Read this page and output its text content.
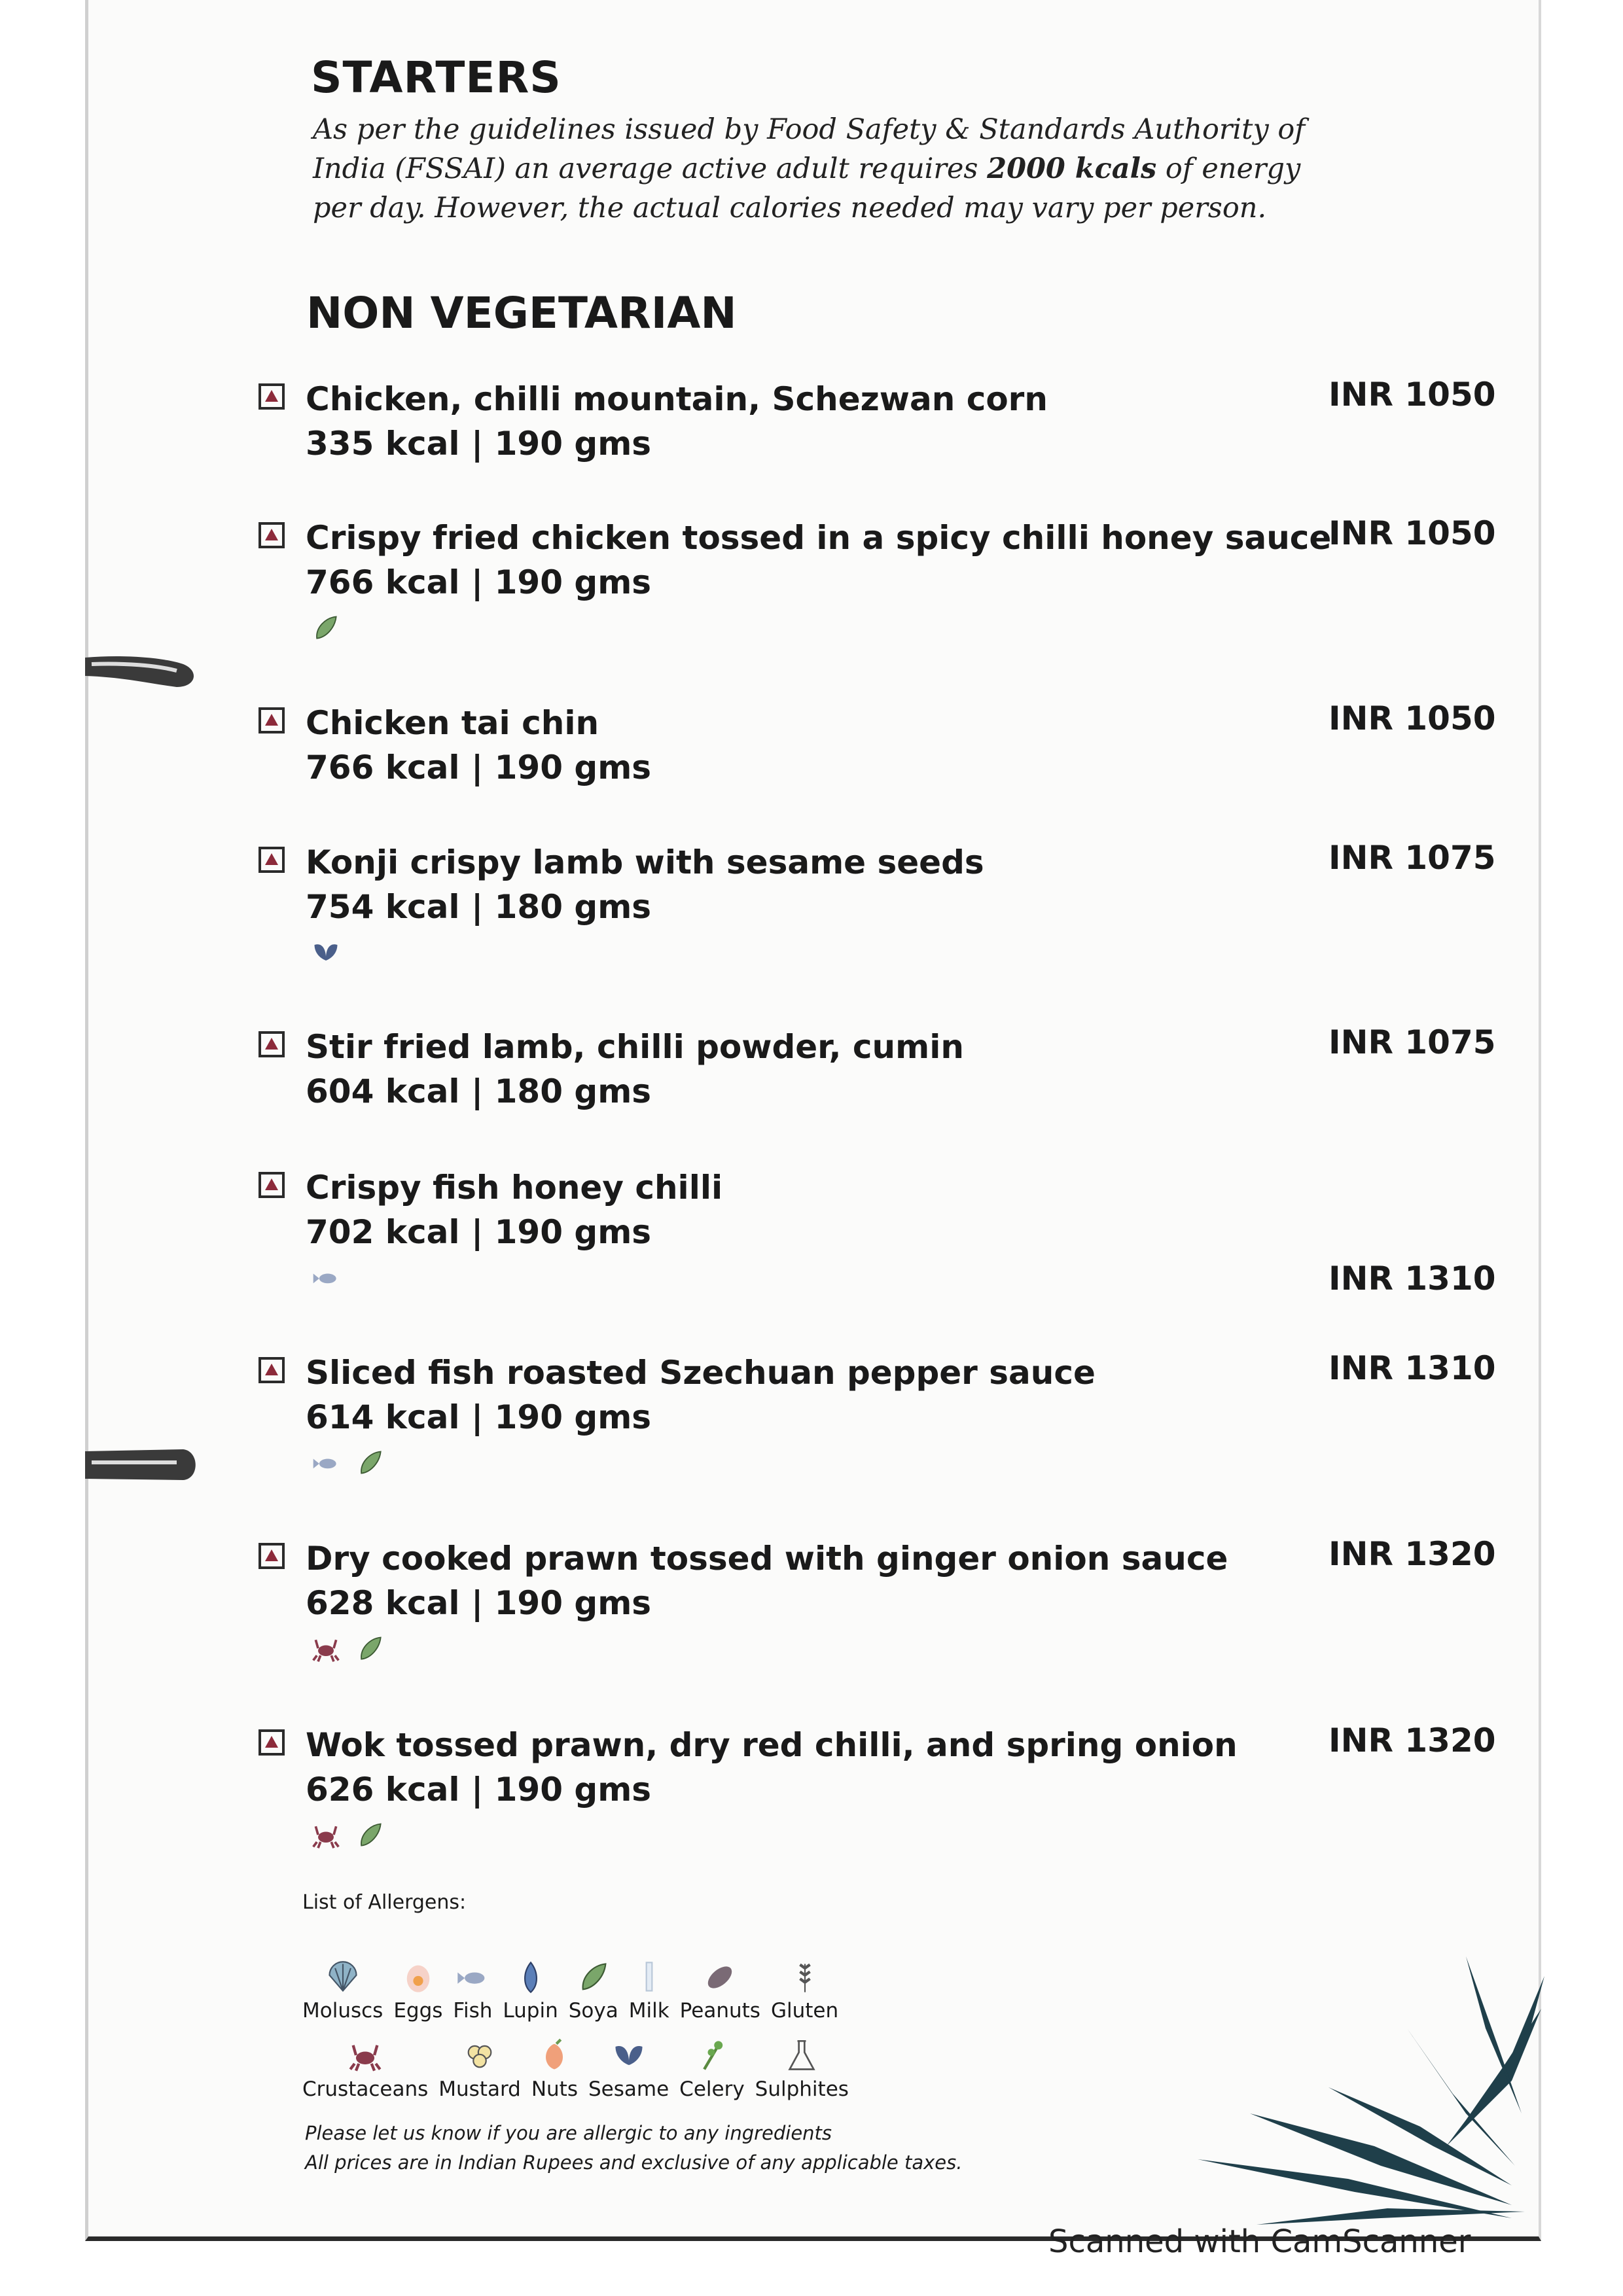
STARTERS

As per the guidelines issued by Food Safety & Standards Authority of India (FSSAI) an average active adult requires 2000 kcals of energy per day. However, the actual calories needed may vary per person.

NON VEGETARIAN
Chicken, chilli mountain, Schezwan corn
335 kcal | 190 gms
INR 1050
Crispy fried chicken tossed in a spicy chilli honey sauce
766 kcal | 190 gms
INR 1050
Chicken tai chin
766 kcal | 190 gms
INR 1050
Konji crispy lamb with sesame seeds
754 kcal | 180 gms
INR 1075
Stir fried lamb, chilli powder, cumin
604 kcal | 180 gms
INR 1075
Crispy fish honey chilli
702 kcal | 190 gms
INR 1310
Sliced fish roasted Szechuan pepper sauce
614 kcal | 190 gms
INR 1310
Dry cooked prawn tossed with ginger onion sauce
628 kcal | 190 gms
INR 1320
Wok tossed prawn, dry red chilli, and spring onion
626 kcal | 190 gms
INR 1320
List of Allergens:
Moluscs Eggs Fish Lupin Soya Milk Peanuts Gluten
Crustaceans Mustard Nuts Sesame Celery Sulphites
Please let us know if you are allergic to any ingredients
All prices are in Indian Rupees and exclusive of any applicable taxes.
Scanned with CamScanner
